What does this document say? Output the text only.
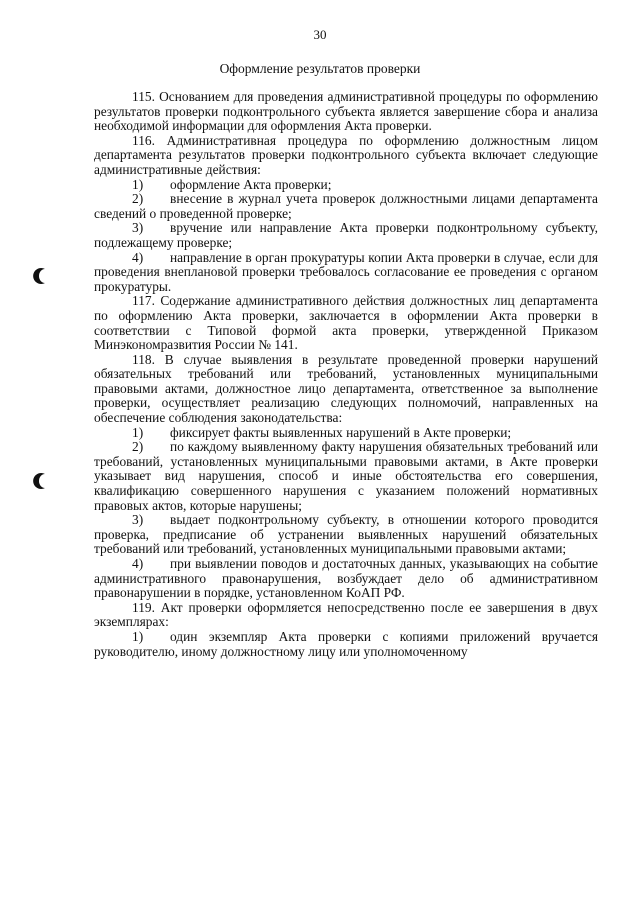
30
Оформление результатов проверки

115. Основанием для проведения административной процедуры по оформлению результатов проверки подконтрольного субъекта является завершение сбора и анализа необходимой информации для оформления Акта проверки.

116. Административная процедура по оформлению должностным лицом департамента результатов проверки подконтрольного субъекта включает следующие административные действия:

1) оформление Акта проверки;

2) внесение в журнал учета проверок должностными лицами департамента сведений о проведенной проверке;

3) вручение или направление Акта проверки подконтрольному субъекту, подлежащему проверке;

4) направление в орган прокуратуры копии Акта проверки в случае, если для проведения внеплановой проверки требовалось согласование ее проведения с органом прокуратуры.

117. Содержание административного действия должностных лиц департамента по оформлению Акта проверки, заключается в оформлении Акта проверки в соответствии с Типовой формой акта проверки, утвержденной Приказом Минэкономразвития России № 141.

118. В случае выявления в результате проведенной проверки нарушений обязательных требований или требований, установленных муниципальными правовыми актами, должностное лицо департамента, ответственное за выполнение проверки, осуществляет реализацию следующих полномочий, направленных на обеспечение соблюдения законодательства:

1) фиксирует факты выявленных нарушений в Акте проверки;

2) по каждому выявленному факту нарушения обязательных требований или требований, установленных муниципальными правовыми актами, в Акте проверки указывает вид нарушения, способ и иные обстоятельства его совершения, квалификацию совершенного нарушения с указанием положений нормативных правовых актов, которые нарушены;

3) выдает подконтрольному субъекту, в отношении которого проводится проверка, предписание об устранении выявленных нарушений обязательных требований или требований, установленных муниципальными правовыми актами;

4) при выявлении поводов и достаточных данных, указывающих на событие административного правонарушения, возбуждает дело об административном правонарушении в порядке, установленном КоАП РФ.

119. Акт проверки оформляется непосредственно после ее завершения в двух экземплярах:

1) один экземпляр Акта проверки с копиями приложений вручается руководителю, иному должностному лицу или уполномоченному
